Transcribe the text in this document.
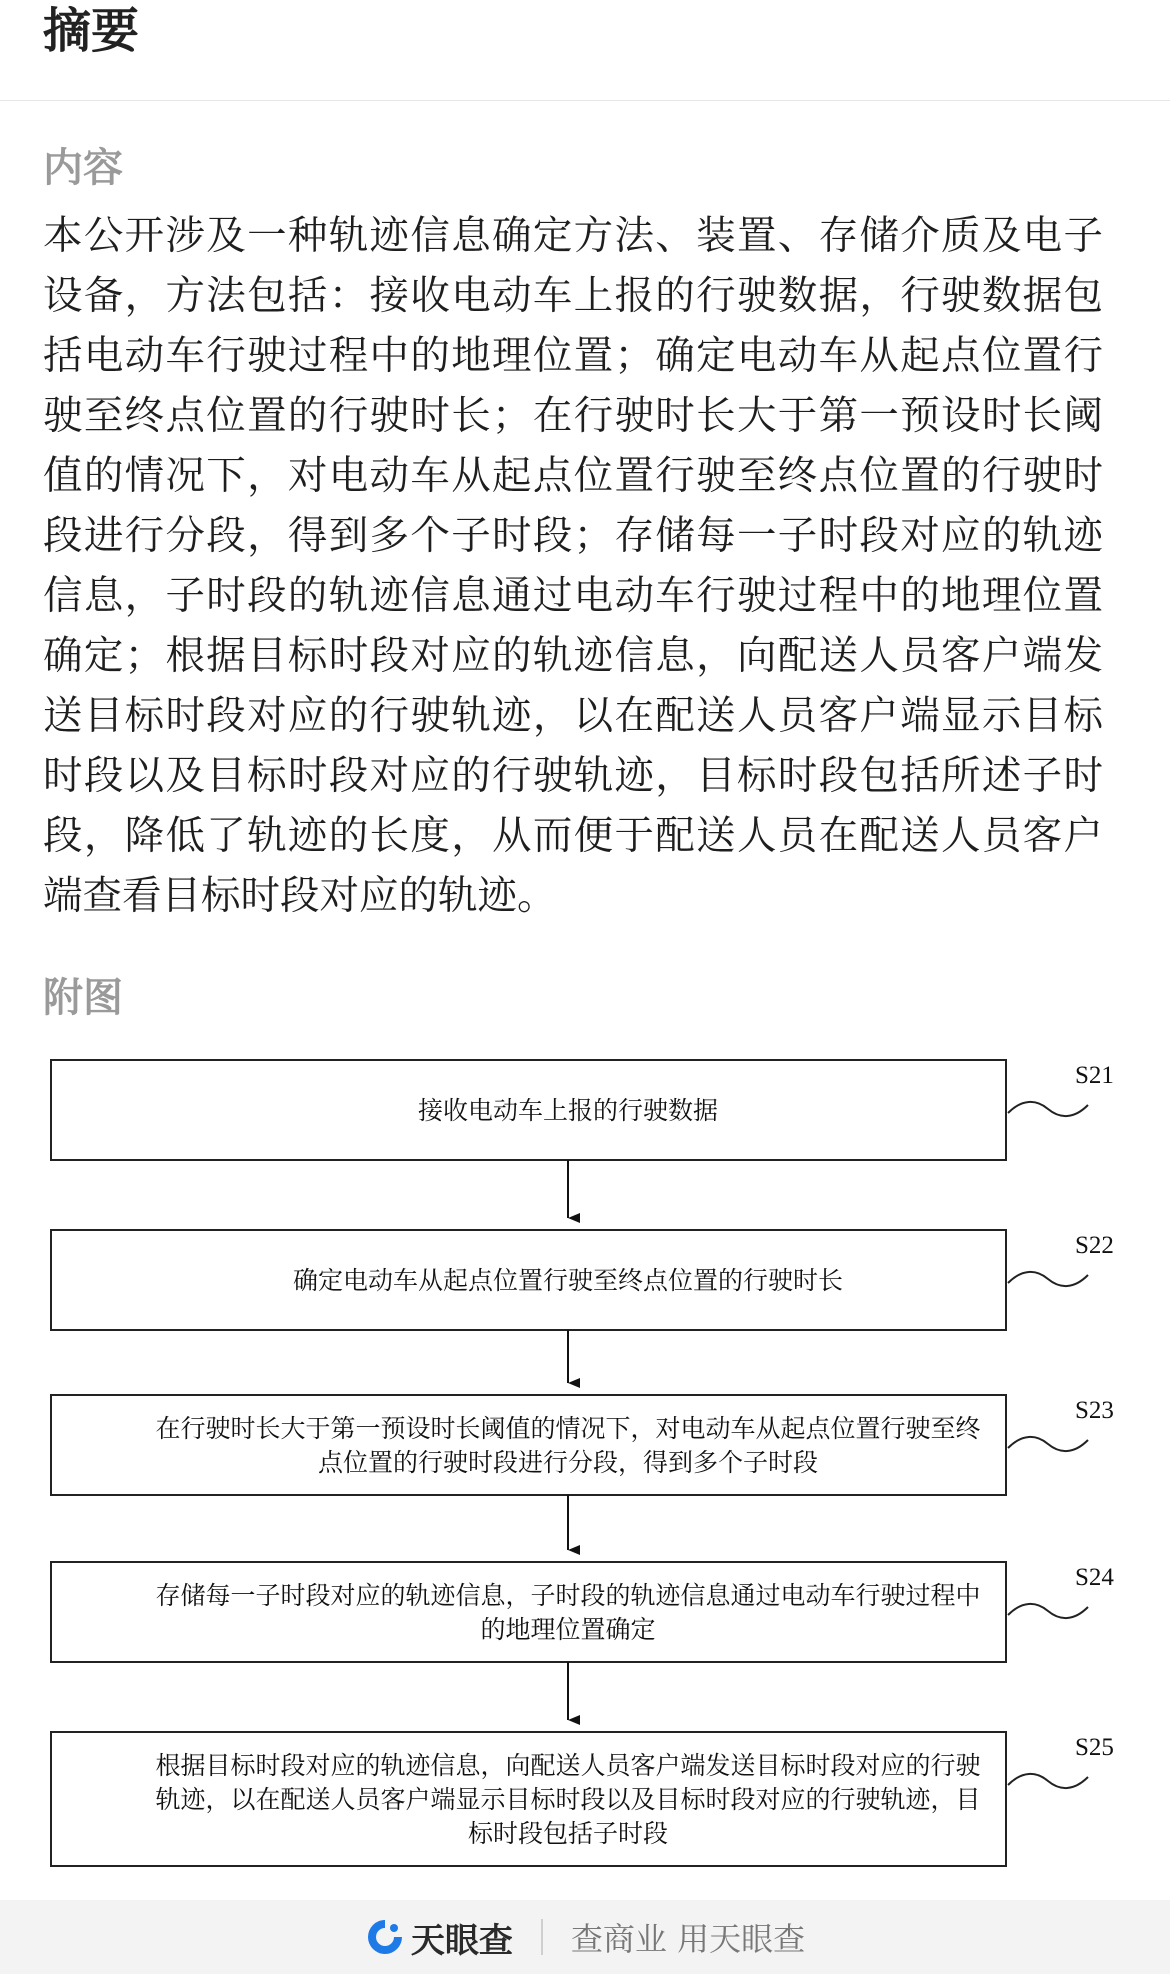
摘要
内容

本公开涉及一种轨迹信息确定方法、装置、存储介质及电子设备，方法包括：接收电动车上报的行驶数据，行驶数据包括电动车行驶过程中的地理位置；确定电动车从起点位置行驶至终点位置的行驶时长；在行驶时长大于第一预设时长阈值的情况下，对电动车从起点位置行驶至终点位置的行驶时段进行分段，得到多个子时段；存储每一子时段对应的轨迹信息，子时段的轨迹信息通过电动车行驶过程中的地理位置确定；根据目标时段对应的轨迹信息，向配送人员客户端发送目标时段对应的行驶轨迹，以在配送人员客户端显示目标时段以及目标时段对应的行驶轨迹，目标时段包括所述子时段，降低了轨迹的长度，从而便于配送人员在配送人员客户端查看目标时段对应的轨迹。

附图
接收电动车上报的行驶数据
S21
确定电动车从起点位置行驶至终点位置的行驶时长
S22
在行驶时长大于第一预设时长阈值的情况下，对电动车从起点位置行驶至终
点位置的行驶时段进行分段，得到多个子时段
S23
存储每一子时段对应的轨迹信息，子时段的轨迹信息通过电动车行驶过程中
的地理位置确定
S24
根据目标时段对应的轨迹信息，向配送人员客户端发送目标时段对应的行驶
轨迹，以在配送人员客户端显示目标时段以及目标时段对应的行驶轨迹，目
标时段包括子时段
S25
天眼查 查商业 用天眼查
